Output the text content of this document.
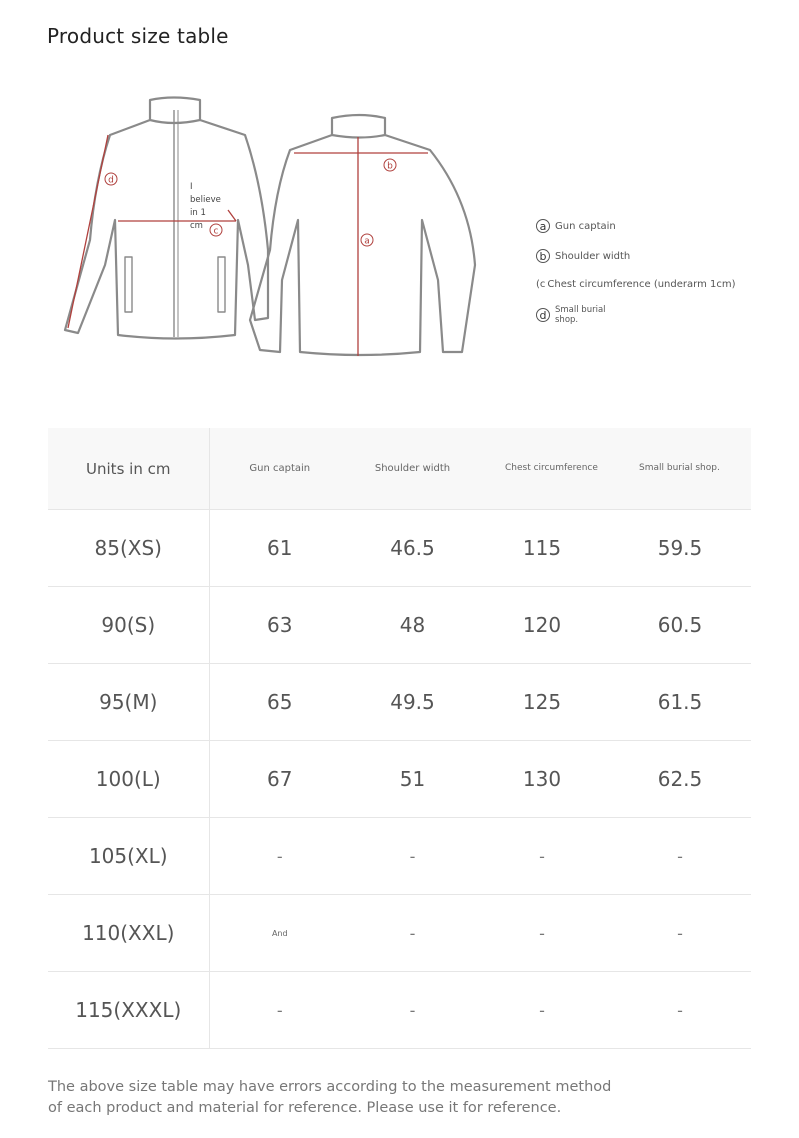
Product size table
d
c
b
a
I
believe
in 1
cm	a Gun captain
b Shoulder width
(c Chest circumference (underarm 1cm)
d	Small burial shop.
Units in cm	Gun captain	Shoulder width	Chest circumference	Small burial shop.
85(XS)	61	46.5	115	59.5
90(S)	63	48	120	60.5
95(M)	65	49.5	125	61.5
100(L)	67	51	130	62.5
105(XL)	-	-	-	-
110(XXL)	And	-	-	-
115(XXXL)	-	-	-	-
The above size table may have errors according to the measurement method
of each product and material for reference. Please use it for reference.
